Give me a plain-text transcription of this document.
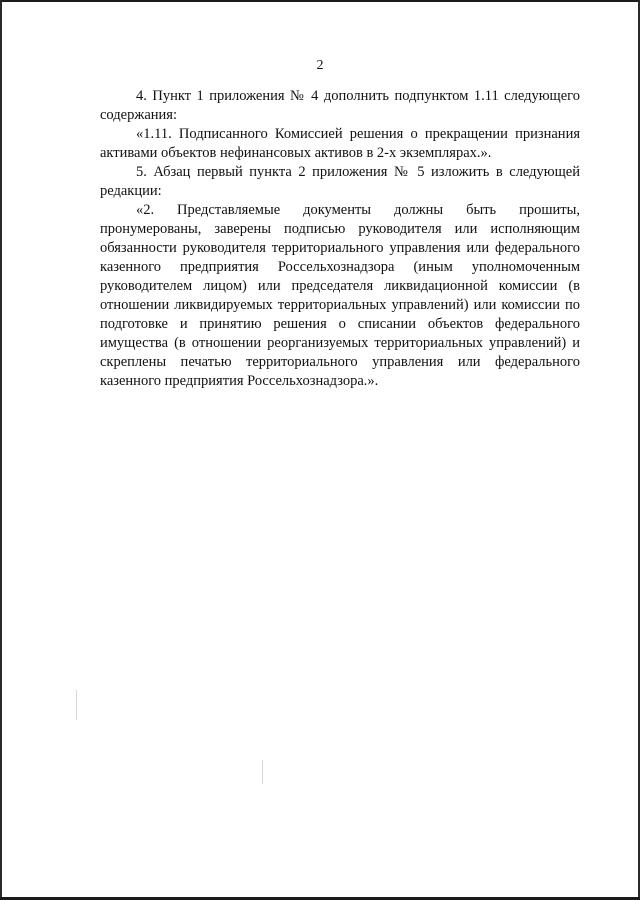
2

4. Пункт 1 приложения № 4 дополнить подпунктом 1.11 следующего содержания:

«1.11. Подписанного Комиссией решения о прекращении признания активами объектов нефинансовых активов в 2-х экземплярах.».

5. Абзац первый пункта 2 приложения № 5 изложить в следующей редакции:

«2. Представляемые документы должны быть прошиты, пронумерованы, заверены подписью руководителя или исполняющим обязанности руководителя территориального управления или федерального казенного предприятия Россельхознадзора (иным уполномоченным руководителем лицом) или председателя ликвидационной комиссии (в отношении ликвидируемых территориальных управлений) или комиссии по подготовке и принятию решения о списании объектов федерального имущества (в отношении реорганизуемых территориальных управлений) и скреплены печатью территориального управления или федерального казенного предприятия Россельхознадзора.».
